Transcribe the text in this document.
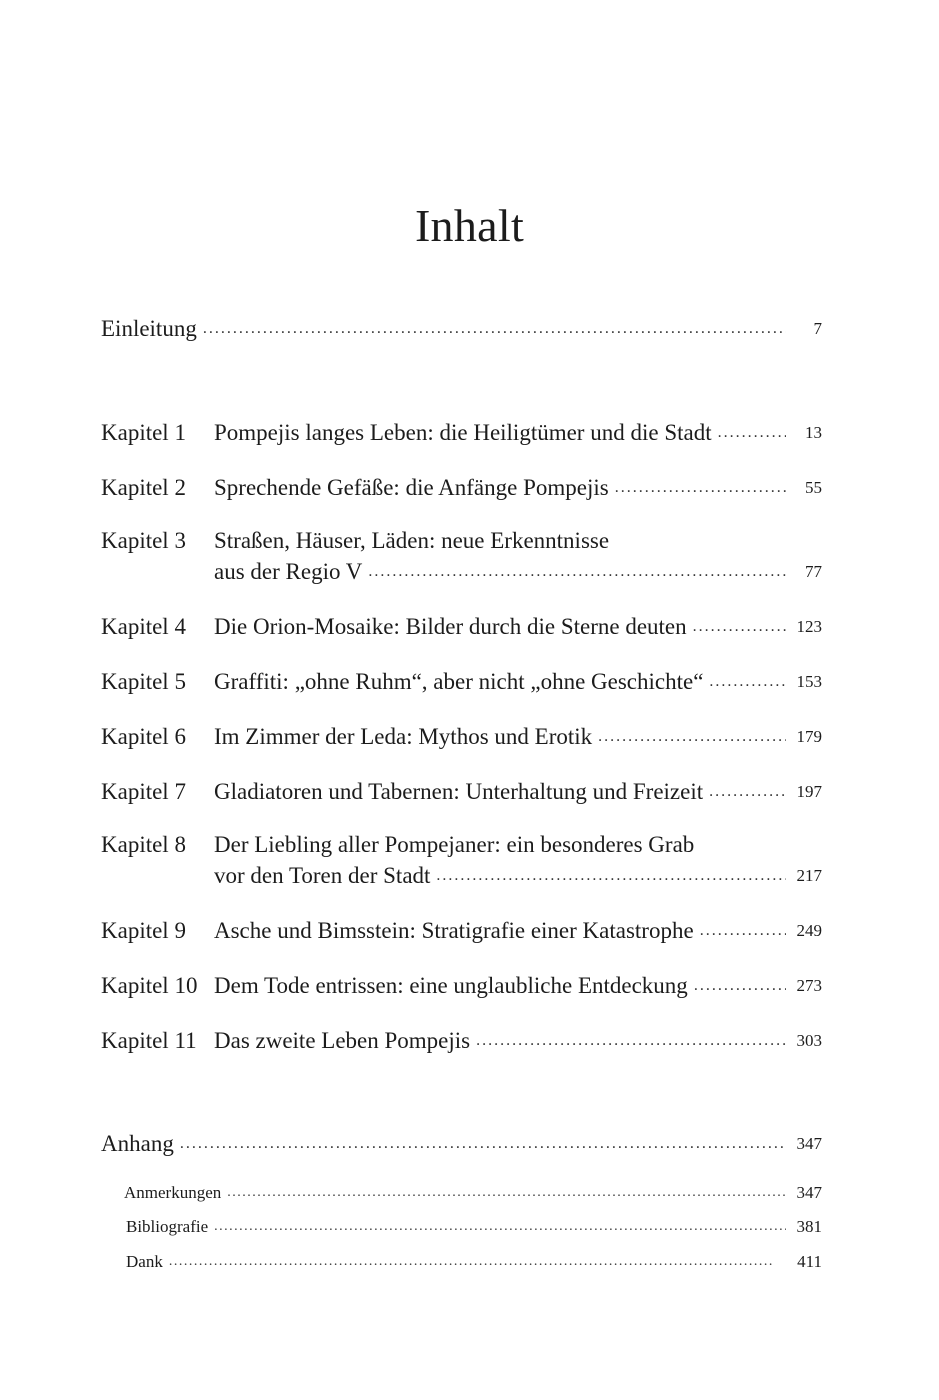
Inhalt
Einleitung . . .	7
Kapitel 1	Pompejis langes Leben: die Heiligtümer und die Stadt . . .	13
Kapitel 2	Sprechende Gefäße: die Anfänge Pompejis . . .	55
Kapitel 3	Straßen, Häuser, Läden: neue Erkenntnisse
aus der Regio V . . .	77
Kapitel 4	Die Orion-Mosaike: Bilder durch die Sterne deuten . . .	123
Kapitel 5	Graffiti: „ohne Ruhm“, aber nicht „ohne Geschichte“ . . .	153
Kapitel 6	Im Zimmer der Leda: Mythos und Erotik . . .	179
Kapitel 7	Gladiatoren und Tabernen: Unterhaltung und Freizeit . . .	197
Kapitel 8	Der Liebling aller Pompejaner: ein besonderes Grab
vor den Toren der Stadt . . .	217
Kapitel 9	Asche und Bimsstein: Stratigrafie einer Katastrophe . . .	249
Kapitel 10 Dem Tode entrissen: eine unglaubliche Entdeckung . . .	273
Kapitel 11 Das zweite Leben Pompejis . . .	303
Anhang . . .	347
Anmerkungen . . .	347
Bibliografie . . .	381
Dank . . .	411
